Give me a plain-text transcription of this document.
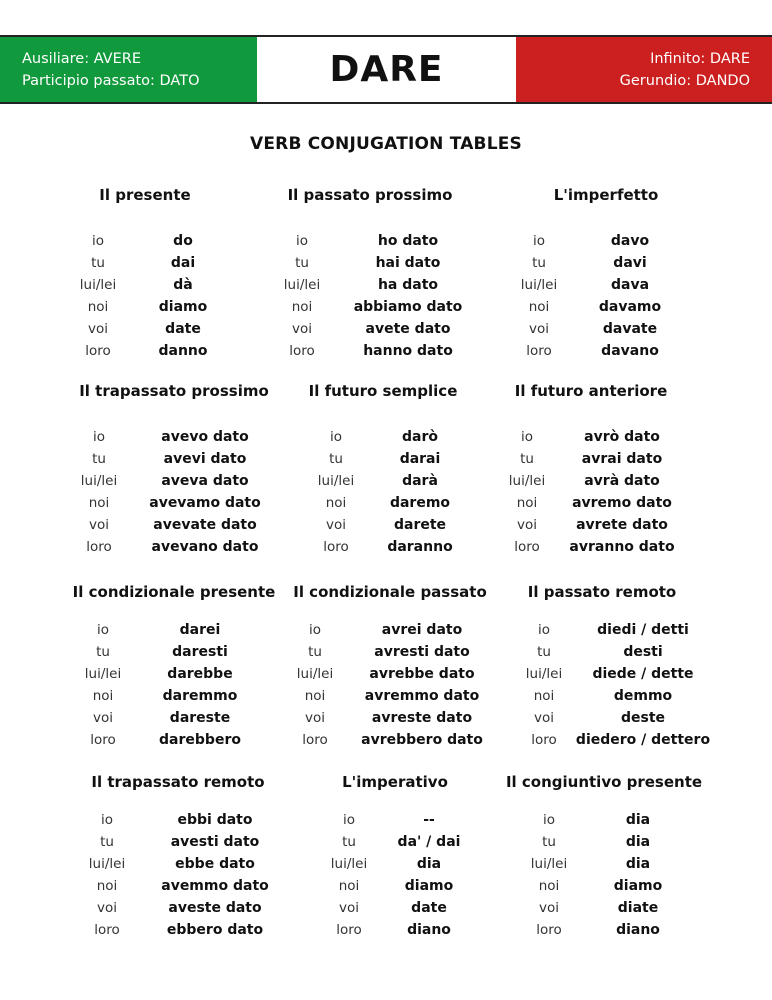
Ausiliare: AVERE
Participio passato: DATO	DARE	Infinito: DARE
Gerundio: DANDO
VERB CONJUGATION TABLES
Il presente
io	do
tu	dai
lui/lei	dà
noi	diamo
voi	date
loro	danno
Il passato prossimo
io	ho dato
tu	hai dato
lui/lei	ha dato
noi	abbiamo dato
voi	avete dato
loro	hanno dato
L'imperfetto
io	davo
tu	davi
lui/lei	dava
noi	davamo
voi	davate
loro	davano
Il trapassato prossimo
io	avevo dato
tu	avevi dato
lui/lei	aveva dato
noi	avevamo dato
voi	avevate dato
loro	avevano dato
Il futuro semplice
io	darò
tu	darai
lui/lei	darà
noi	daremo
voi	darete
loro	daranno
Il futuro anteriore
io	avrò dato
tu	avrai dato
lui/lei	avrà dato
noi avremo dato
voi	avrete dato
loro avranno dato
Il condizionale presente
io	darei
tu	daresti
lui/lei	darebbe
noi	daremmo
voi	dareste
loro	darebbero
Il condizionale passato
io	avrei dato
tu	avresti dato
lui/lei	avrebbe dato
noi	avremmo dato
voi	avreste dato
loro avrebbero dato
Il passato remoto
io	diedi / detti
tu	desti
lui/lei diede / dette
noi	demmo
voi	deste
loro diedero / dettero
Il trapassato remoto
io	ebbi dato
tu	avesti dato
lui/lei	ebbe dato
noi	avemmo dato
voi	aveste dato
loro	ebbero dato
L'imperativo
io	--
tu	da' / dai
lui/lei	dia
noi	diamo
voi	date
loro	diano
Il congiuntivo presente
io	dia
tu	dia
lui/lei	dia
noi	diamo
voi	diate
loro	diano
